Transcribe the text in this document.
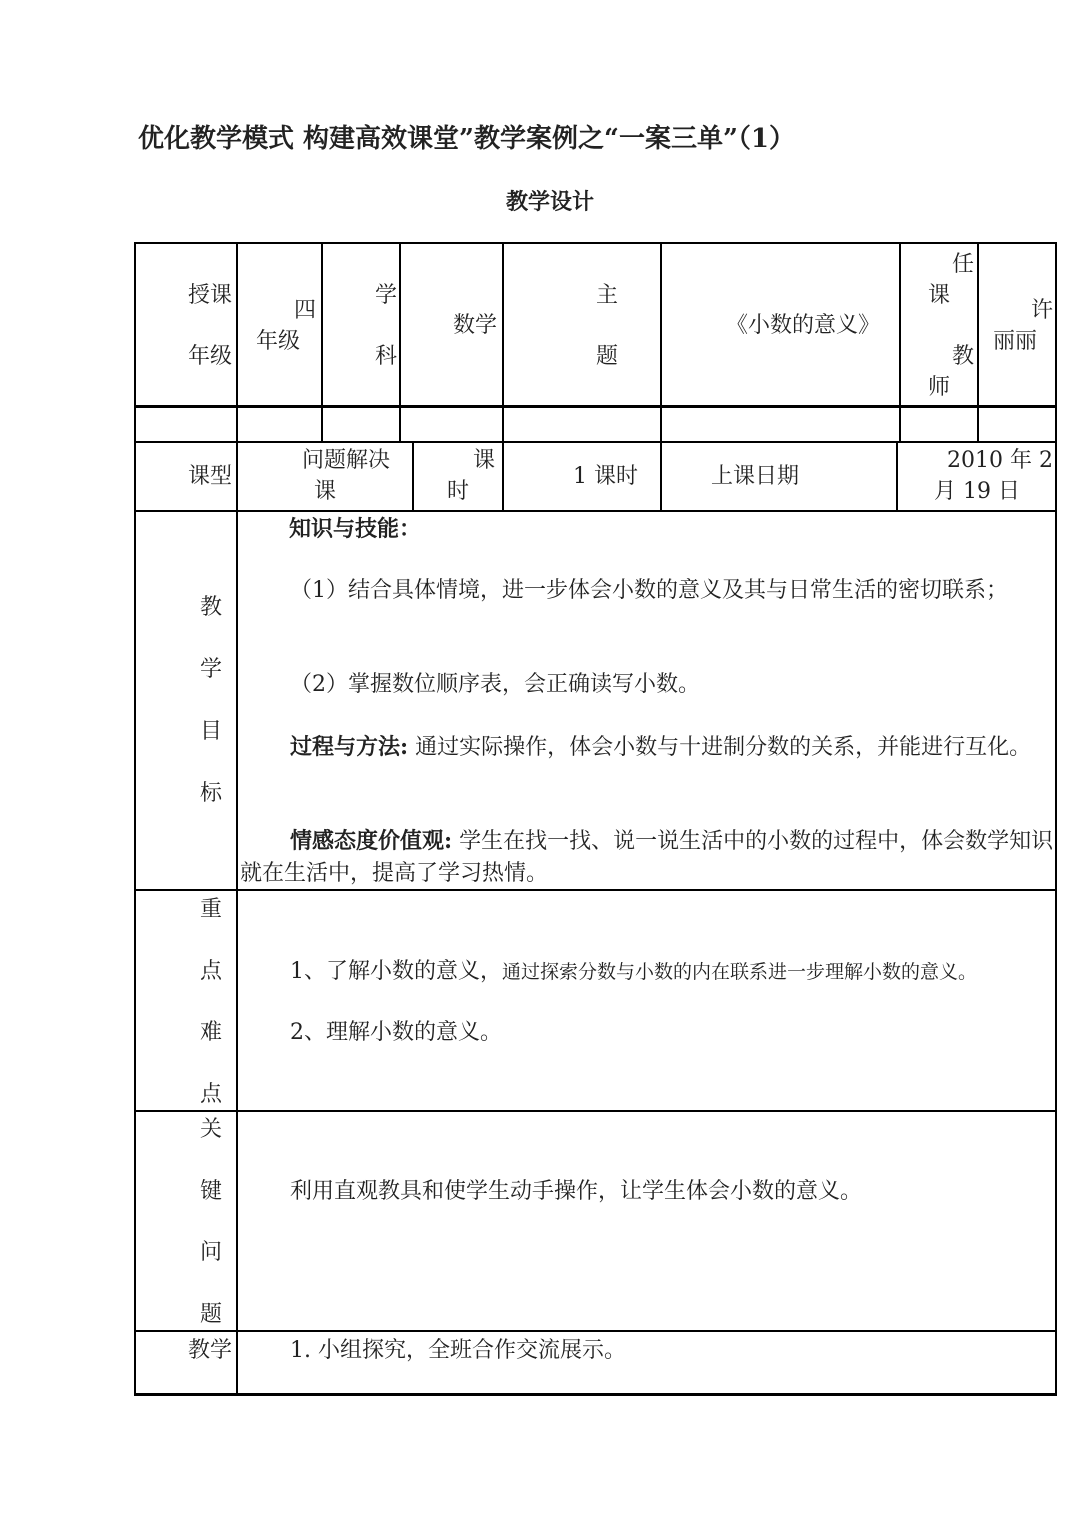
优化教学模式 构建高效课堂”教学案例之“一案三单”（1）
教学设计
授课
年级
四
年级
学
科
数学
主
题
《小数的意义》
任
课
教
师
许
丽丽
课型
问题解决
课
课
时
1 课时	上课日期
2010 年 2
月 19 日
教
学
目
标
知识与技能：
（1）结合具体情境，进一步体会小数的意义及其与日常生活的密切联系；
（2）掌握数位顺序表，会正确读写小数。
过程与方法: 通过实际操作，体会小数与十进制分数的关系，并能进行互化。
情感态度价值观: 学生在找一找、说一说生活中的小数的过程中，体会数学知识就在生活中，提高了学习热情。
重
点
难
点
1、了解小数的意义，通过探索分数与小数的内在联系进一步理解小数的意义。
2、理解小数的意义。
关
键
问
题
利用直观教具和使学生动手操作，让学生体会小数的意义。
教学	1. 小组探究，全班合作交流展示。
